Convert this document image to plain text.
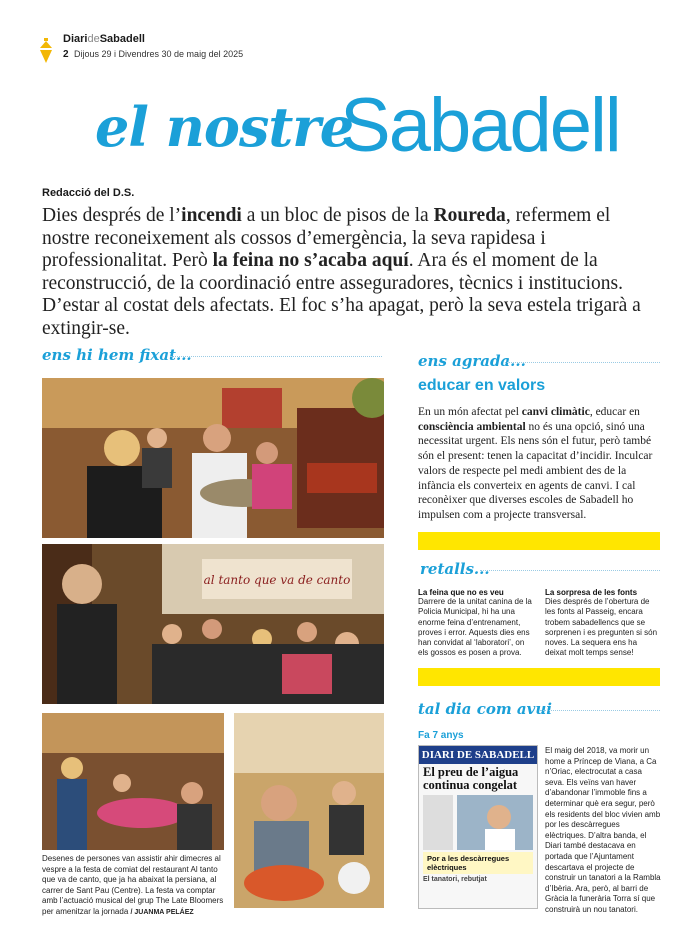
DiarideSabadell
2 Dijous 29 i Divendres 30 de maig del 2025
el nostre
Sabadell
Redacció del D.S.
Dies després de l’incendi a un bloc de pisos de la Roureda, refermem el nostre reconeixement als cossos d’emergència, la seva rapidesa i professionalitat. Però la feina no s’acaba aquí. Ara és el moment de la reconstrucció, de la coordinació entre asseguradores, tècnics i institucions. D’estar al costat dels afectats. El foc s’ha apagat, però la seva estela trigarà a extingir-se.
ens hi hem fixat...
al tanto que va de canto
Desenes de persones van assistir ahir dimecres al vespre a la festa de comiat del restaurant Al tanto que va de canto, que ja ha abaixat la persiana, al carrer de Sant Pau (Centre). La festa va comptar amb l’actuació musical del grup The Late Bloomers per amenitzar la jornada / JUANMA PELÁEZ
ens agrada...
educar en valors
En un món afectat pel canvi climàtic, educar en consciència ambiental no és una opció, sinó una necessitat urgent. Els nens són el futur, però també són el present: tenen la capacitat d’incidir. Inculcar valors de respecte pel medi ambient des de la infància els converteix en agents de canvi. I cal reconèixer que diverses escoles de Sabadell ho impulsen com a projecte transversal.
retalls...
La feina que no es veu
Darrere de la unitat canina de la Policia Municipal, hi ha una enorme feina d’entrenament, proves i error. Aquests dies ens han convidat al ‘laboratori’, on els gossos es posen a prova.
La sorpresa de les fonts
Dies després de l’obertura de les fonts al Passeig, encara trobem sabadellencs que se sorprenen i es pregunten si són noves. La sequera ens ha deixat molt temps sense!
tal dia com avui
Fa 7 anys
DIARI DE SABADELL
El preu de l’aigua continua congelat
Por a les descàrregues elèctriques
El tanatori, rebutjat
El maig del 2018, va morir un home a Príncep de Viana, a Ca n’Oriac, electrocutat a casa seva. Els veïns van haver d’abandonar l’immoble fins a determinar què era segur, però els residents del bloc vivien amb por les descàrregues elèctriques. D’altra banda, el Diari també destacava en portada que l’Ajuntament descartava el projecte de construir un tanatori a la Rambla d’Ibèria. Ara, però, al barri de Gràcia la funerària Torra sí que construirà un nou tanatori.
